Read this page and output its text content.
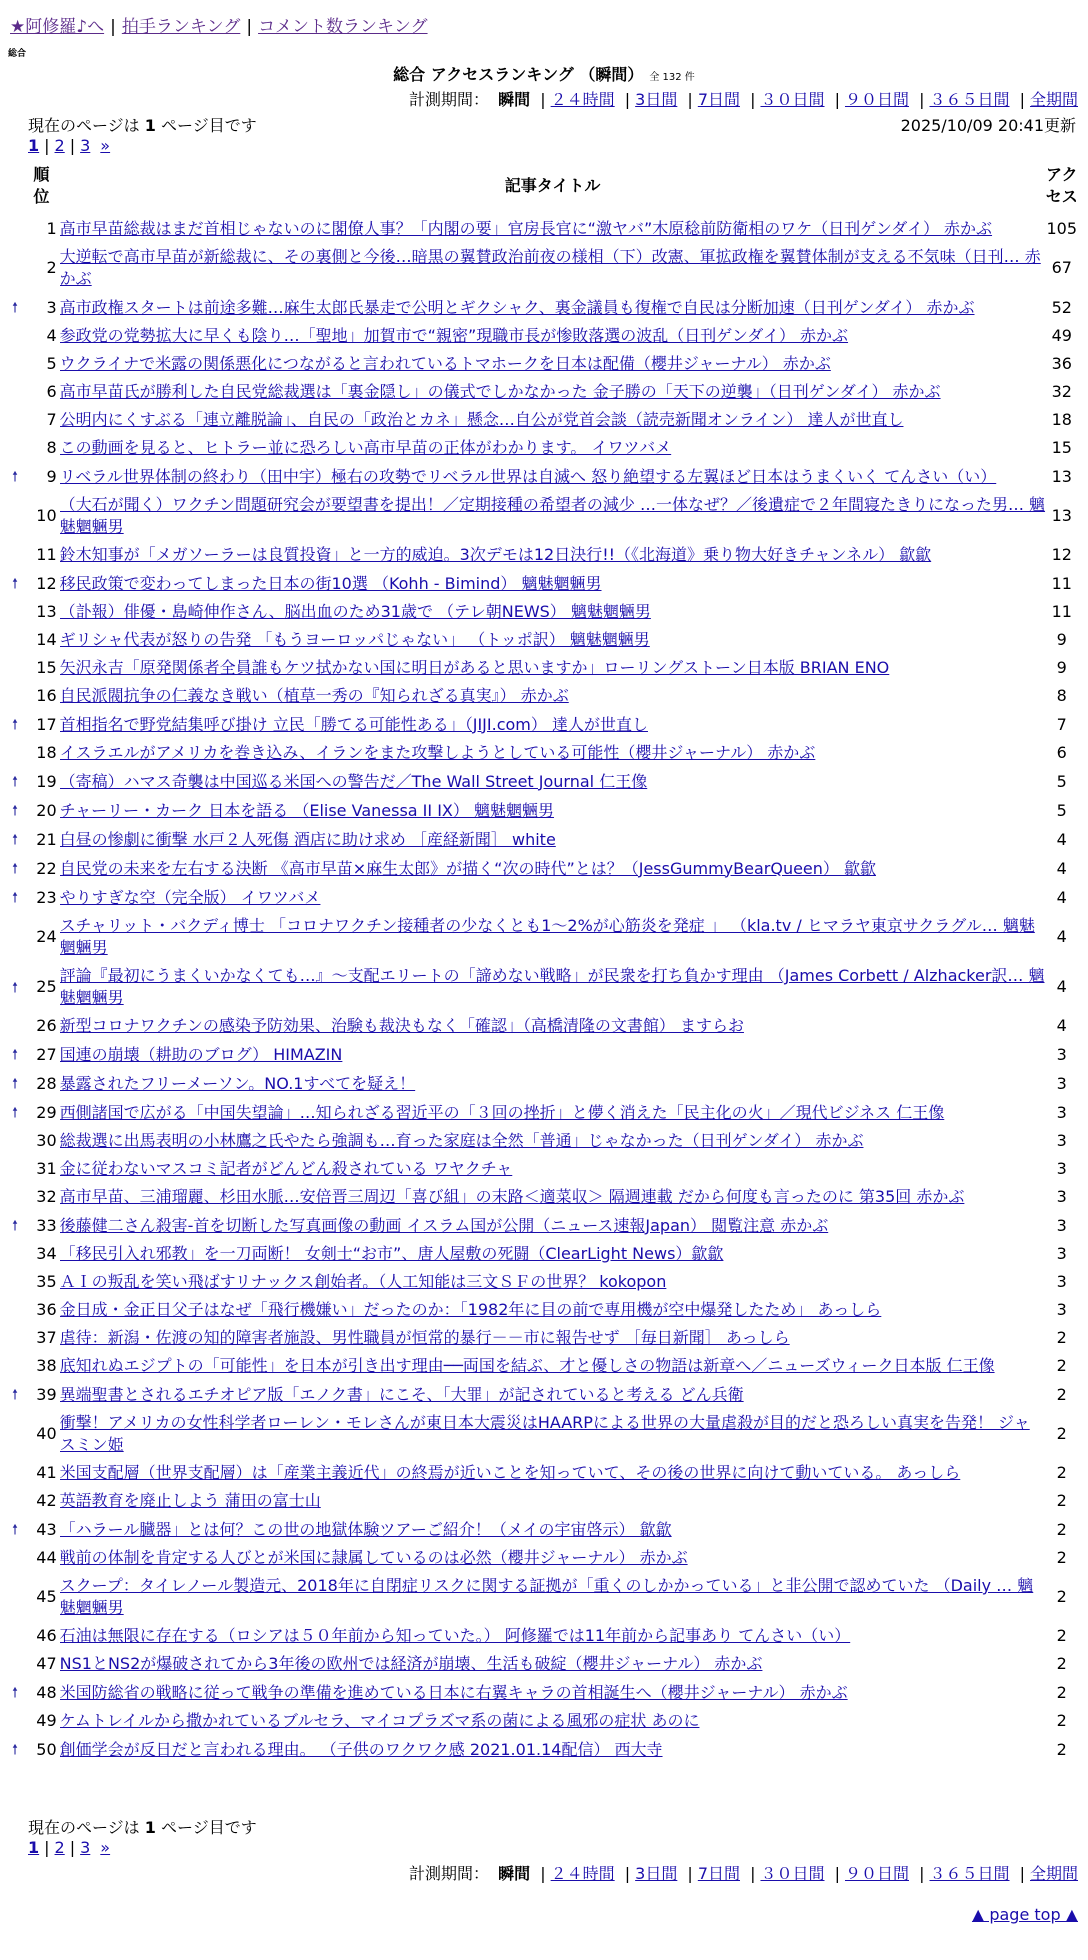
★阿修羅♪へ | 拍手ランキング | コメント数ランキング
総合
総合 アクセスランキング （瞬間） 全 132 件
計測期間： 瞬間 | ２４時間 | 3日間 | 7日間 | ３０日間 | ９０日間 | ３６５日間 | 全期間
現在のページは 1 ページ目です	2025/10/09 20:41更新
1 | 2 | 3 »
	順位	記事タイトル	アクセス
	1	高市早苗総裁はまだ首相じゃないのに閣僚人事？「内閣の要」官房長官に“激ヤバ”木原稔前防衛相のワケ（日刊ゲンダイ） 赤かぶ	105
	2	大逆転で高市早苗が新総裁に、その裏側と今後…暗黒の翼賛政治前夜の様相（下）改憲、軍拡政権を翼賛体制が支える不気味（日刊… 赤かぶ	67
🠕	3	高市政権スタートは前途多難…麻生太郎氏暴走で公明とギクシャク、裏金議員も復権で自民は分断加速（日刊ゲンダイ） 赤かぶ	52
	4	参政党の党勢拡大に早くも陰り…「聖地」加賀市で“親密”現職市長が惨敗落選の波乱（日刊ゲンダイ） 赤かぶ	49
	5	ウクライナで米露の関係悪化につながると言われているトマホークを日本は配備（櫻井ジャーナル） 赤かぶ	36
	6	高市早苗氏が勝利した自民党総裁選は「裏金隠し」の儀式でしかなかった 金子勝の「天下の逆襲」（日刊ゲンダイ） 赤かぶ	32
	7	公明内にくすぶる「連立離脱論」、自民の「政治とカネ」懸念…自公が党首会談（読売新聞オンライン） 達人が世直し	18
	8	この動画を見ると、ヒトラー並に恐ろしい高市早苗の正体がわかります。 イワツバメ	15
🠕	9	リベラル世界体制の終わり（田中宇）極右の攻勢でリベラル世界は自滅へ 怒り絶望する左翼ほど日本はうまくいく てんさい（い）	13
	10	（大石が聞く）ワクチン問題研究会が要望書を提出！／定期接種の希望者の減少 …一体なぜ？／後遺症で２年間寝たきりになった男… 魑魅魍魎男	13
	11	鈴木知事が「メガソーラーは良質投資」と一方的威迫。3次デモは12日決行!!（《北海道》乗り物大好きチャンネル） 歙歙	12
🠕	12	移民政策で変わってしまった日本の街10選 （Kohh - Bimind） 魑魅魍魎男	11
	13	（訃報）俳優・島崎伸作さん、脳出血のため31歳で （テレ朝NEWS） 魑魅魍魎男	11
	14	ギリシャ代表が怒りの告発 「もうヨーロッパじゃない」 （トッポ訳） 魑魅魍魎男	9
	15	矢沢永吉「原発関係者全員誰もケツ拭かない国に明日があると思いますか」ローリングストーン日本版 BRIAN ENO	9
	16	自民派閥抗争の仁義なき戦い（植草一秀の『知られざる真実』） 赤かぶ	8
🠕	17	首相指名で野党結集呼び掛け 立民「勝てる可能性ある」（JIJI.com） 達人が世直し	7
	18	イスラエルがアメリカを巻き込み、イランをまた攻撃しようとしている可能性（櫻井ジャーナル） 赤かぶ	6
🠕	19	（寄稿）ハマス奇襲は中国巡る米国への警告だ／The Wall Street Journal 仁王像	5
🠕	20	チャーリー・カーク 日本を語る （Elise Vanessa II IX） 魑魅魍魎男	5
🠕	21	白昼の惨劇に衝撃 水戸２人死傷 酒店に助け求め ［産経新聞］ white	4
🠕	22	自民党の未来を左右する決断 《高市早苗×麻生太郎》が描く“次の時代”とは？（JessGummyBearQueen） 歙歙	4
🠕	23	やりすぎな空（完全版） イワツバメ	4
	24	スチャリット・バクディ博士 「コロナワクチン接種者の少なくとも1～2%が心筋炎を発症 」 （kla.tv / ヒマラヤ東京サクラグル… 魑魅魍魎男	4
🠕	25	評論『最初にうまくいかなくても…』～支配エリートの「諦めない戦略」が民衆を打ち負かす理由 （James Corbett / Alzhacker訳… 魑魅魍魎男	4
	26	新型コロナワクチンの感染予防効果、治験も裁決もなく「確認」（高橋清隆の文書館） ますらお	4
🠕	27	国連の崩壊（耕助のブログ） HIMAZIN	3
🠕	28	暴露されたフリーメーソン。NO.1すべてを疑え！	3
🠕	29	西側諸国で広がる「中国失望論」…知られざる習近平の「３回の挫折」と儚く消えた「民主化の火」／現代ビジネス 仁王像	3
	30	総裁選に出馬表明の小林鷹之氏やたら強調も…育った家庭は全然「普通」じゃなかった（日刊ゲンダイ） 赤かぶ	3
	31	金に従わないマスコミ記者がどんどん殺されている ワヤクチャ	3
	32	高市早苗、三浦瑠麗、杉田水脈…安倍晋三周辺「喜び組」の末路＜適菜収＞ 隔週連載 だから何度も言ったのに 第35回 赤かぶ	3
🠕	33	後藤健二さん殺害-首を切断した写真画像の動画 イスラム国が公開（ニュース速報Japan） 閲覧注意 赤かぶ	3
	34	「移民引入れ邪教」を一刀両断！ 女剣士“お市”、唐人屋敷の死闘（ClearLight News）歙歙	3
	35	ＡＩの叛乱を笑い飛ばすリナックス創始者。（人工知能は三文ＳＦの世界？ kokopon	3
	36	金日成・金正日父子はなぜ「飛行機嫌い」だったのか：「1982年に目の前で専用機が空中爆発したため」 あっしら	3
	37	虐待：新潟・佐渡の知的障害者施設、男性職員が恒常的暴行－－市に報告せず ［毎日新聞］ あっしら	2
	38	底知れぬエジプトの「可能性」を日本が引き出す理由──両国を結ぶ、才と優しさの物語は新章へ／ニューズウィーク日本版 仁王像	2
🠕	39	異端聖書とされるエチオピア版「エノク書」にこそ、「大罪」が記されていると考える どん兵衛	2
	40	衝撃！アメリカの女性科学者ローレン・モレさんが東日本大震災はHAARPによる世界の大量虐殺が目的だと恐ろしい真実を告発！ ジャスミン姫	2
	41	米国支配層（世界支配層）は「産業主義近代」の終焉が近いことを知っていて、その後の世界に向けて動いている。 あっしら	2
	42	英語教育を廃止しよう 蒲田の富士山	2
🠕	43	「ハラール臓器」とは何？この世の地獄体験ツアーご紹介！（メイの宇宙啓示） 歙歙	2
	44	戦前の体制を肯定する人びとが米国に隷属しているのは必然（櫻井ジャーナル） 赤かぶ	2
	45	スクープ：タイレノール製造元、2018年に自閉症リスクに関する証拠が「重くのしかかっている」と非公開で認めていた （Daily … 魑魅魍魎男	2
	46	石油は無限に存在する（ロシアは５０年前から知っていた。） 阿修羅では11年前から記事あり てんさい（い）	2
	47	NS1とNS2が爆破されてから3年後の欧州では経済が崩壊、生活も破綻（櫻井ジャーナル） 赤かぶ	2
🠕	48	米国防総省の戦略に従って戦争の準備を進めている日本に右翼キャラの首相誕生へ（櫻井ジャーナル） 赤かぶ	2
	49	ケムトレイルから撒かれているブルセラ、マイコプラズマ系の菌による風邪の症状 あのに	2
🠕	50	創価学会が反日だと言われる理由。 （子供のワクワク感 2021.01.14配信） 西大寺	2
現在のページは 1 ページ目です
1 | 2 | 3 »
計測期間： 瞬間 | ２４時間 | 3日間 | 7日間 | ３０日間 | ９０日間 | ３６５日間 | 全期間
▲ page top ▲
